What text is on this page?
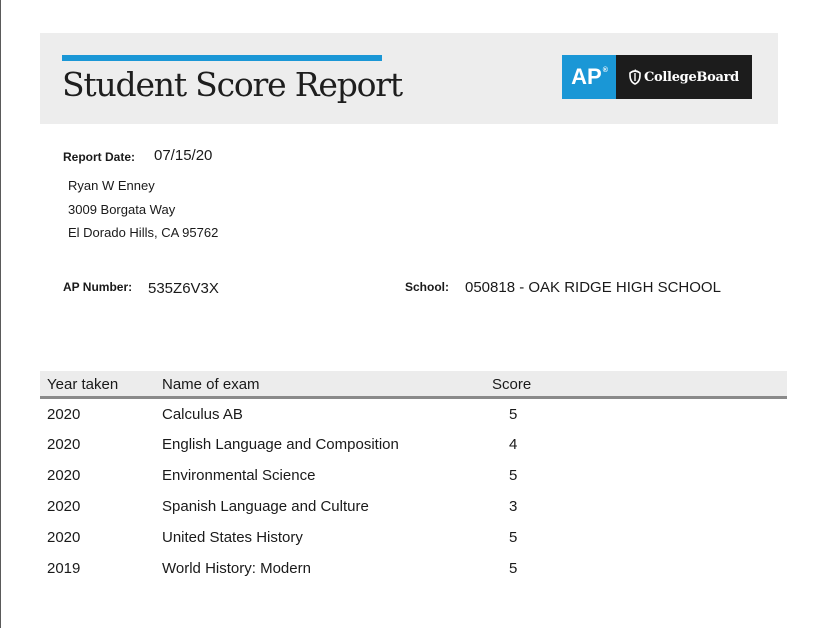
Student Score Report	AP®	CollegeBoard
Report Date: 07/15/20
Ryan W Enney
3009 Borgata Way
El Dorado Hills, CA 95762
AP Number: 535Z6V3X	School: 050818 - OAK RIDGE HIGH SCHOOL
Year taken	Name of exam	Score
2020	Calculus AB	5
2020	English Language and Composition	4
2020	Environmental Science	5
2020	Spanish Language and Culture	3
2020	United States History	5
2019	World History: Modern	5
